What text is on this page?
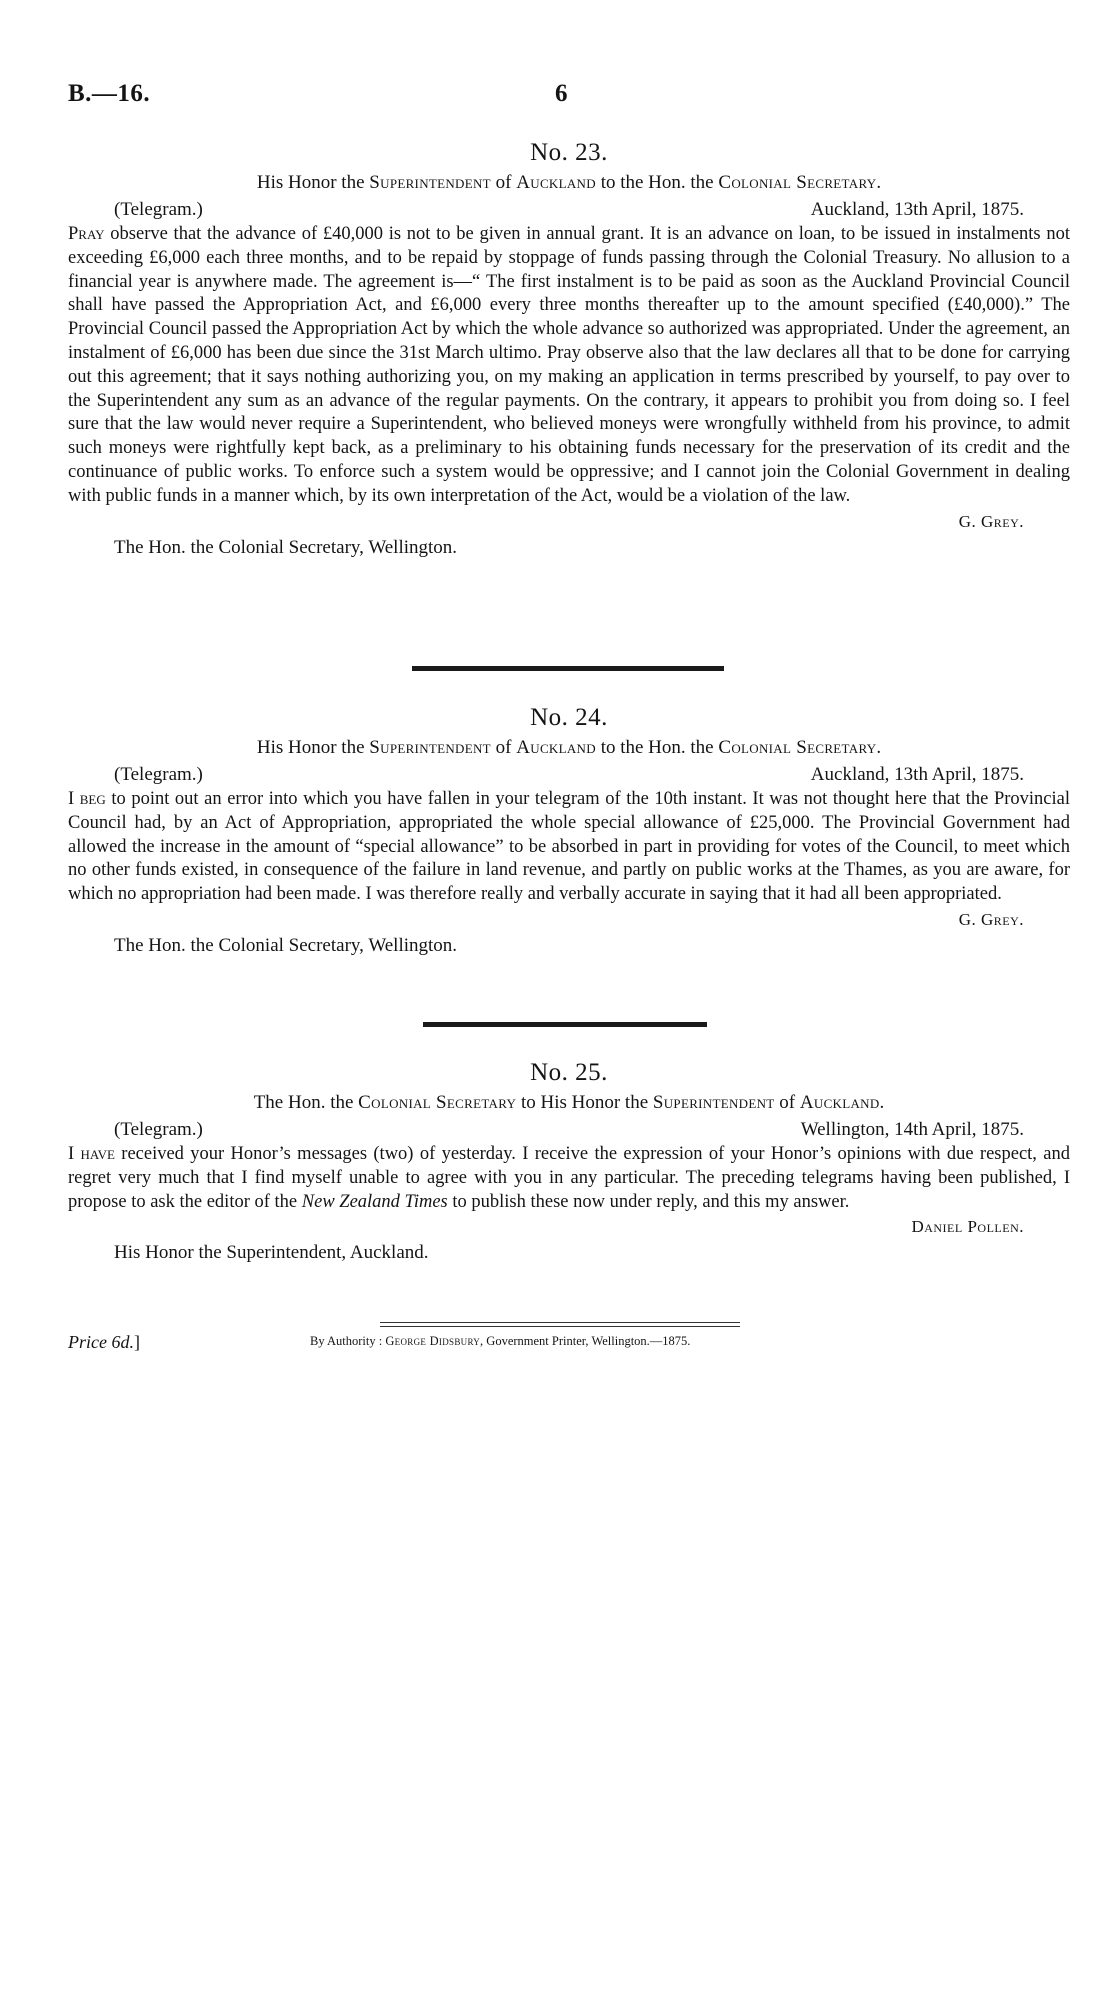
B.—16.	6

No. 23.

His Honor the Superintendent of Auckland to the Hon. the Colonial Secretary.

(Telegram.)	Auckland, 13th April, 1875.

Pray observe that the advance of £40,000 is not to be given in annual grant. It is an advance on loan, to be issued in instalments not exceeding £6,000 each three months, and to be repaid by stoppage of funds passing through the Colonial Treasury. No allusion to a financial year is anywhere made. The agreement is—“ The first instalment is to be paid as soon as the Auckland Provincial Council shall have passed the Appropriation Act, and £6,000 every three months thereafter up to the amount specified (£40,000).” The Provincial Council passed the Appropriation Act by which the whole advance so authorized was appropriated. Under the agreement, an instalment of £6,000 has been due since the 31st March ultimo. Pray observe also that the law declares all that to be done for carrying out this agreement; that it says nothing authorizing you, on my making an application in terms prescribed by yourself, to pay over to the Superintendent any sum as an advance of the regular payments. On the contrary, it appears to prohibit you from doing so. I feel sure that the law would never require a Superintendent, who believed moneys were wrongfully withheld from his province, to admit such moneys were rightfully kept back, as a preliminary to his obtaining funds necessary for the preservation of its credit and the continuance of public works. To enforce such a system would be oppressive; and I cannot join the Colonial Government in dealing with public funds in a manner which, by its own interpretation of the Act, would be a violation of the law.

G. Grey.

The Hon. the Colonial Secretary, Wellington.

No. 24.

His Honor the Superintendent of Auckland to the Hon. the Colonial Secretary.

(Telegram.)	Auckland, 13th April, 1875.

I beg to point out an error into which you have fallen in your telegram of the 10th instant. It was not thought here that the Provincial Council had, by an Act of Appropriation, appropriated the whole special allowance of £25,000. The Provincial Government had allowed the increase in the amount of “special allowance” to be absorbed in part in providing for votes of the Council, to meet which no other funds existed, in consequence of the failure in land revenue, and partly on public works at the Thames, as you are aware, for which no appropriation had been made. I was therefore really and verbally accurate in saying that it had all been appropriated.

G. Grey.

The Hon. the Colonial Secretary, Wellington.

No. 25.

The Hon. the Colonial Secretary to His Honor the Superintendent of Auckland.

(Telegram.)	Wellington, 14th April, 1875.

I have received your Honor’s messages (two) of yesterday. I receive the expression of your Honor’s opinions with due respect, and regret very much that I find myself unable to agree with you in any particular. The preceding telegrams having been published, I propose to ask the editor of the New Zealand Times to publish these now under reply, and this my answer.

Daniel Pollen.

His Honor the Superintendent, Auckland.

Price 6d.]	By Authority : George Didsbury, Government Printer, Wellington.—1875.
